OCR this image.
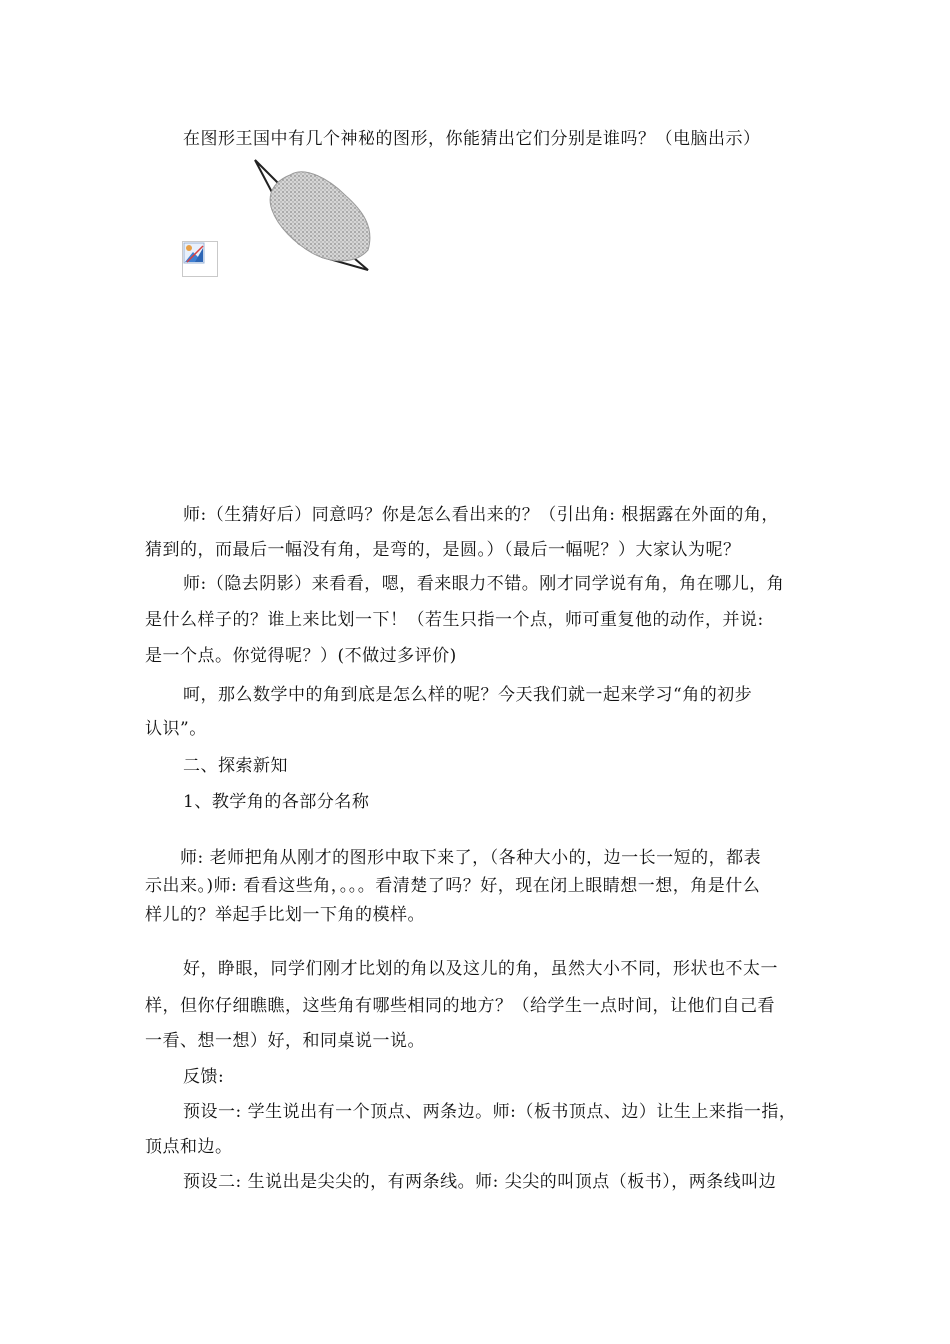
在图形王国中有几个神秘的图形，你能猜出它们分别是谁吗？（电脑出示）
师:（生猜好后）同意吗？你是怎么看出来的？（引出角: 根据露在外面的角，
猜到的，而最后一幅没有角，是弯的，是圆。）（最后一幅呢？）大家认为呢？
师:（隐去阴影）来看看，嗯，看来眼力不错。刚才同学说有角，角在哪儿，角
是什么样子的？谁上来比划一下！（若生只指一个点，师可重复他的动作，并说:
是一个点。你觉得呢？）(不做过多评价)
呵，那么数学中的角到底是怎么样的呢？今天我们就一起来学习“角的初步
认识”。
二、探索新知
1、教学角的各部分名称
师: 老师把角从刚才的图形中取下来了，（各种大小的，边一长一短的，都表
示出来。)师: 看看这些角，。。。看清楚了吗？好，现在闭上眼睛想一想，角是什么
样儿的？举起手比划一下角的模样。
好，睁眼，同学们刚才比划的角以及这儿的角，虽然大小不同，形状也不太一
样，但你仔细瞧瞧，这些角有哪些相同的地方？（给学生一点时间，让他们自己看
一看、想一想）好，和同桌说一说。
反馈:
预设一: 学生说出有一个顶点、两条边。师:（板书顶点、边）让生上来指一指，
顶点和边。
预设二: 生说出是尖尖的，有两条线。师: 尖尖的叫顶点（板书），两条线叫边
